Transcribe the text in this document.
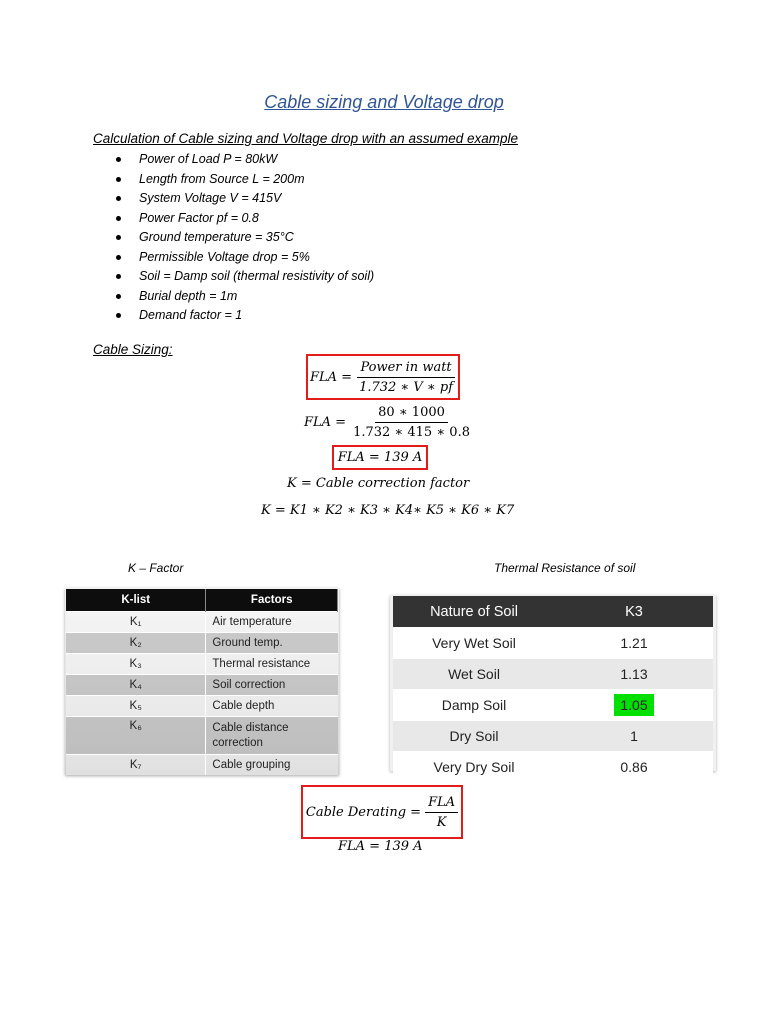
Cable sizing and Voltage drop
Calculation of Cable sizing and Voltage drop with an assumed example
Power of Load P = 80kW
Length from Source L = 200m
System Voltage V = 415V
Power Factor pf = 0.8
Ground temperature = 35°C
Permissible Voltage drop = 5%
Soil = Damp soil (thermal resistivity of soil)
Burial depth = 1m
Demand factor = 1
Cable Sizing:
FLA = $\frac{\text{Power in watt}}{1.732 ∗ V ∗ pf}$
FLA = $\frac{80 ∗ 1000}{1.732 ∗ 415 ∗ 0.8}$
FLA = 139 A
K = Cable correction factor
K = K1 ∗ K2 ∗ K3 ∗ K4∗ K5 ∗ K6 ∗ K7
K – Factor	Thermal Resistance of soil
K-list	Factors
K₁	Air temperature
K₂	Ground temp.
K₃	Thermal resistance
K₄	Soil correction
K₅	Cable depth
K₆	Cable distance correction
K₇	Cable grouping
Nature of Soil	K3
Very Wet Soil	1.21
Wet Soil	1.13
Damp Soil	1.05
Dry Soil	1
Very Dry Soil	0.86
Cable Derating = $\frac{\text{FLA}}{K}$
FLA = 139 A
